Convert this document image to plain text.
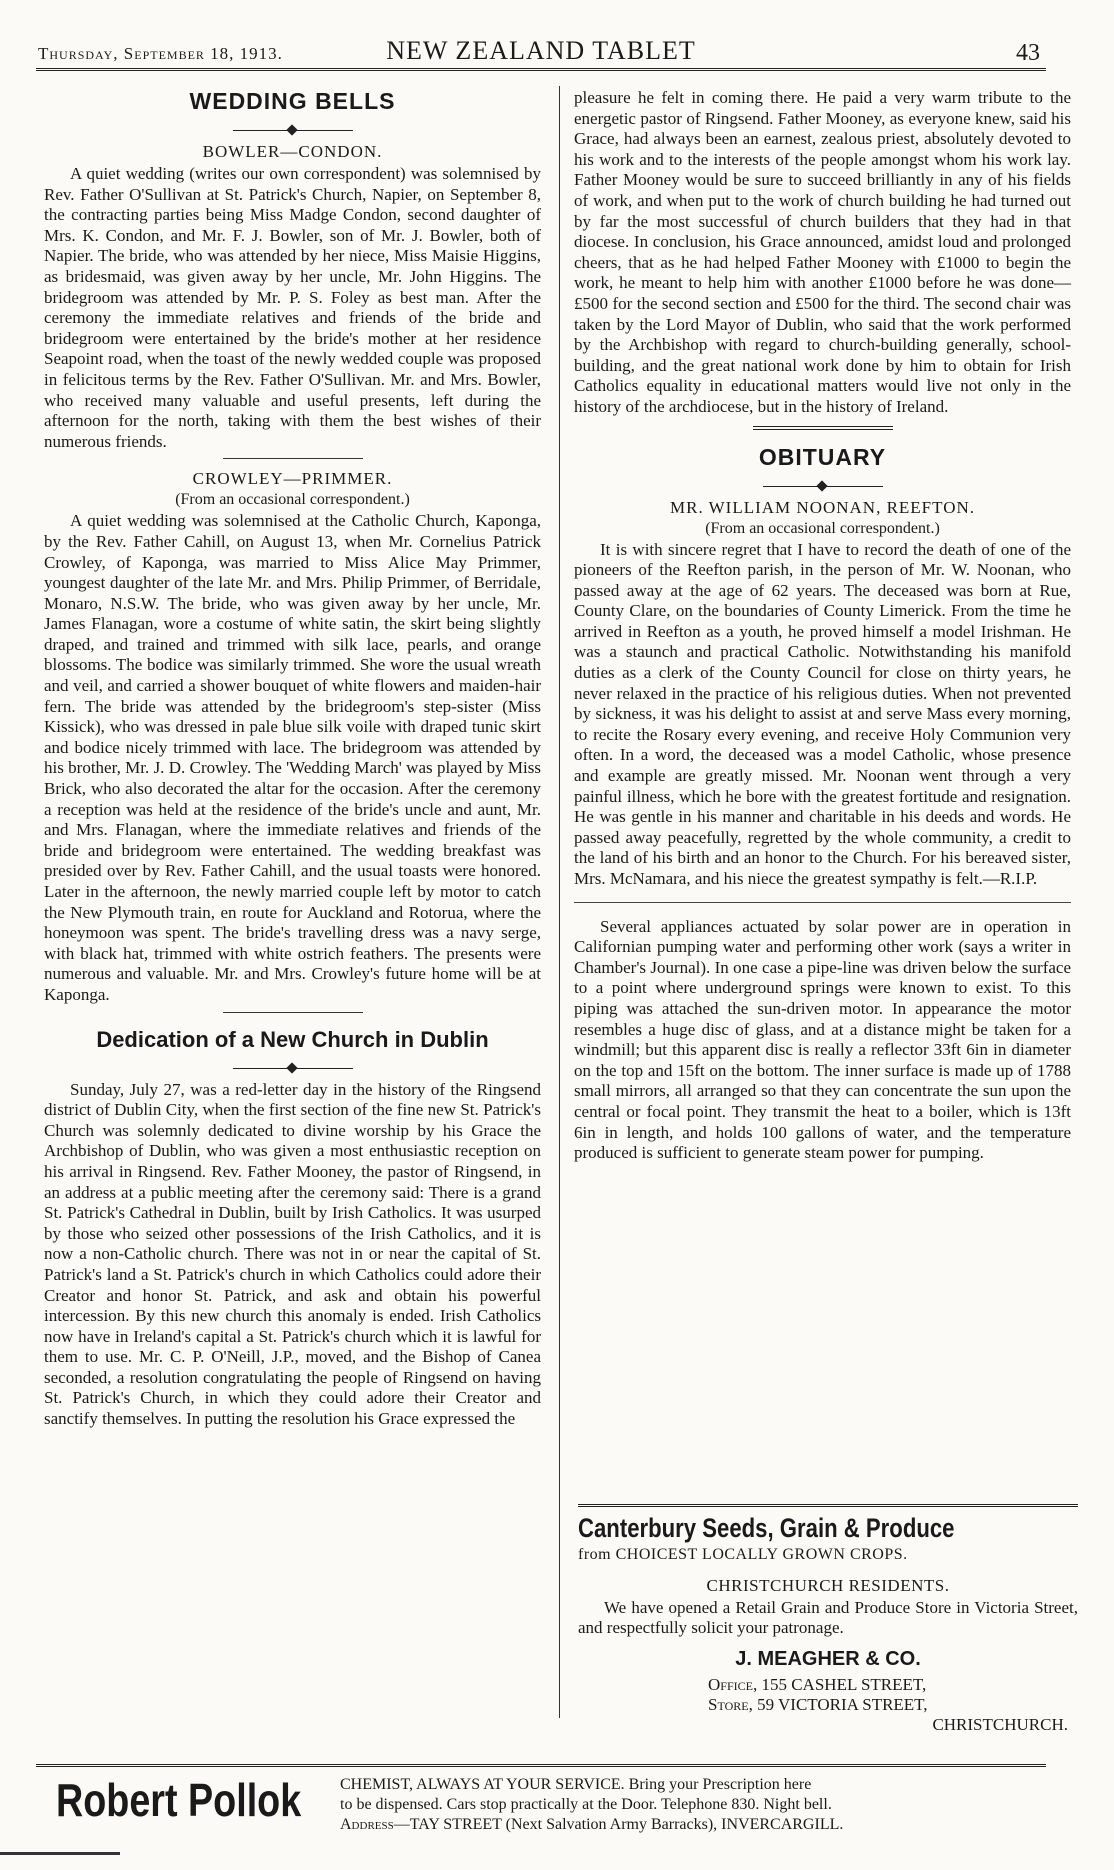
Thursday, September 18, 1913.	NEW ZEALAND TABLET	43
WEDDING BELLS
BOWLER—CONDON.

A quiet wedding (writes our own correspondent) was solemnised by Rev. Father O'Sullivan at St. Patrick's Church, Napier, on September 8, the contracting parties being Miss Madge Condon, second daughter of Mrs. K. Condon, and Mr. F. J. Bowler, son of Mr. J. Bowler, both of Napier. The bride, who was attended by her niece, Miss Maisie Higgins, as bridesmaid, was given away by her uncle, Mr. John Higgins. The bridegroom was attended by Mr. P. S. Foley as best man. After the ceremony the immediate relatives and friends of the bride and bridegroom were entertained by the bride's mother at her residence Seapoint road, when the toast of the newly wedded couple was proposed in felicitous terms by the Rev. Father O'Sullivan. Mr. and Mrs. Bowler, who received many valuable and useful presents, left during the afternoon for the north, taking with them the best wishes of their numerous friends.

CROWLEY—PRIMMER.
(From an occasional correspondent.)

A quiet wedding was solemnised at the Catholic Church, Kaponga, by the Rev. Father Cahill, on August 13, when Mr. Cornelius Patrick Crowley, of Kaponga, was married to Miss Alice May Primmer, youngest daughter of the late Mr. and Mrs. Philip Primmer, of Berridale, Monaro, N.S.W. The bride, who was given away by her uncle, Mr. James Flanagan, wore a costume of white satin, the skirt being slightly draped, and trained and trimmed with silk lace, pearls, and orange blossoms. The bodice was similarly trimmed. She wore the usual wreath and veil, and carried a shower bouquet of white flowers and maiden-hair fern. The bride was attended by the bridegroom's step-sister (Miss Kissick), who was dressed in pale blue silk voile with draped tunic skirt and bodice nicely trimmed with lace. The bridegroom was attended by his brother, Mr. J. D. Crowley. The 'Wedding March' was played by Miss Brick, who also decorated the altar for the occasion. After the ceremony a reception was held at the residence of the bride's uncle and aunt, Mr. and Mrs. Flanagan, where the immediate relatives and friends of the bride and bridegroom were entertained. The wedding breakfast was presided over by Rev. Father Cahill, and the usual toasts were honored. Later in the afternoon, the newly married couple left by motor to catch the New Plymouth train, en route for Auckland and Rotorua, where the honeymoon was spent. The bride's travelling dress was a navy serge, with black hat, trimmed with white ostrich feathers. The presents were numerous and valuable. Mr. and Mrs. Crowley's future home will be at Kaponga.

Dedication of a New Church in Dublin

Sunday, July 27, was a red-letter day in the history of the Ringsend district of Dublin City, when the first section of the fine new St. Patrick's Church was solemnly dedicated to divine worship by his Grace the Archbishop of Dublin, who was given a most enthusiastic reception on his arrival in Ringsend. Rev. Father Mooney, the pastor of Ringsend, in an address at a public meeting after the ceremony said: There is a grand St. Patrick's Cathedral in Dublin, built by Irish Catholics. It was usurped by those who seized other possessions of the Irish Catholics, and it is now a non-Catholic church. There was not in or near the capital of St. Patrick's land a St. Patrick's church in which Catholics could adore their Creator and honor St. Patrick, and ask and obtain his powerful intercession. By this new church this anomaly is ended. Irish Catholics now have in Ireland's capital a St. Patrick's church which it is lawful for them to use. Mr. C. P. O'Neill, J.P., moved, and the Bishop of Canea seconded, a resolution congratulating the people of Ringsend on having St. Patrick's Church, in which they could adore their Creator and sanctify themselves. In putting the resolution his Grace expressed the

pleasure he felt in coming there. He paid a very warm tribute to the energetic pastor of Ringsend. Father Mooney, as everyone knew, said his Grace, had always been an earnest, zealous priest, absolutely devoted to his work and to the interests of the people amongst whom his work lay. Father Mooney would be sure to succeed brilliantly in any of his fields of work, and when put to the work of church building he had turned out by far the most successful of church builders that they had in that diocese. In conclusion, his Grace announced, amidst loud and prolonged cheers, that as he had helped Father Mooney with £1000 to begin the work, he meant to help him with another £1000 before he was done—£500 for the second section and £500 for the third. The second chair was taken by the Lord Mayor of Dublin, who said that the work performed by the Archbishop with regard to church-building generally, school-building, and the great national work done by him to obtain for Irish Catholics equality in educational matters would live not only in the history of the archdiocese, but in the history of Ireland.

OBITUARY
MR. WILLIAM NOONAN, REEFTON.
(From an occasional correspondent.)

It is with sincere regret that I have to record the death of one of the pioneers of the Reefton parish, in the person of Mr. W. Noonan, who passed away at the age of 62 years. The deceased was born at Rue, County Clare, on the boundaries of County Limerick. From the time he arrived in Reefton as a youth, he proved himself a model Irishman. He was a staunch and practical Catholic. Notwithstanding his manifold duties as a clerk of the County Council for close on thirty years, he never relaxed in the practice of his religious duties. When not prevented by sickness, it was his delight to assist at and serve Mass every morning, to recite the Rosary every evening, and receive Holy Communion very often. In a word, the deceased was a model Catholic, whose presence and example are greatly missed. Mr. Noonan went through a very painful illness, which he bore with the greatest fortitude and resignation. He was gentle in his manner and charitable in his deeds and words. He passed away peacefully, regretted by the whole community, a credit to the land of his birth and an honor to the Church. For his bereaved sister, Mrs. McNamara, and his niece the greatest sympathy is felt.—R.I.P.

Several appliances actuated by solar power are in operation in Californian pumping water and performing other work (says a writer in Chamber's Journal). In one case a pipe-line was driven below the surface to a point where underground springs were known to exist. To this piping was attached the sun-driven motor. In appearance the motor resembles a huge disc of glass, and at a distance might be taken for a windmill; but this apparent disc is really a reflector 33ft 6in in diameter on the top and 15ft on the bottom. The inner surface is made up of 1788 small mirrors, all arranged so that they can concentrate the sun upon the central or focal point. They transmit the heat to a boiler, which is 13ft 6in in length, and holds 100 gallons of water, and the temperature produced is sufficient to generate steam power for pumping.

Canterbury Seeds, Grain & Produce
from CHOICEST LOCALLY GROWN CROPS.
CHRISTCHURCH RESIDENTS.
We have opened a Retail Grain and Produce Store in Victoria Street, and respectfully solicit your patronage.
J. MEAGHER & CO.
Office, 155 CASHEL STREET,
Store, 59 VICTORIA STREET,
CHRISTCHURCH.
Robert Pollok CHEMIST, ALWAYS AT YOUR SERVICE. Bring your Prescription here
to be dispensed. Cars stop practically at the Door. Telephone 830. Night bell.
Address—TAY STREET (Next Salvation Army Barracks), INVERCARGILL.
